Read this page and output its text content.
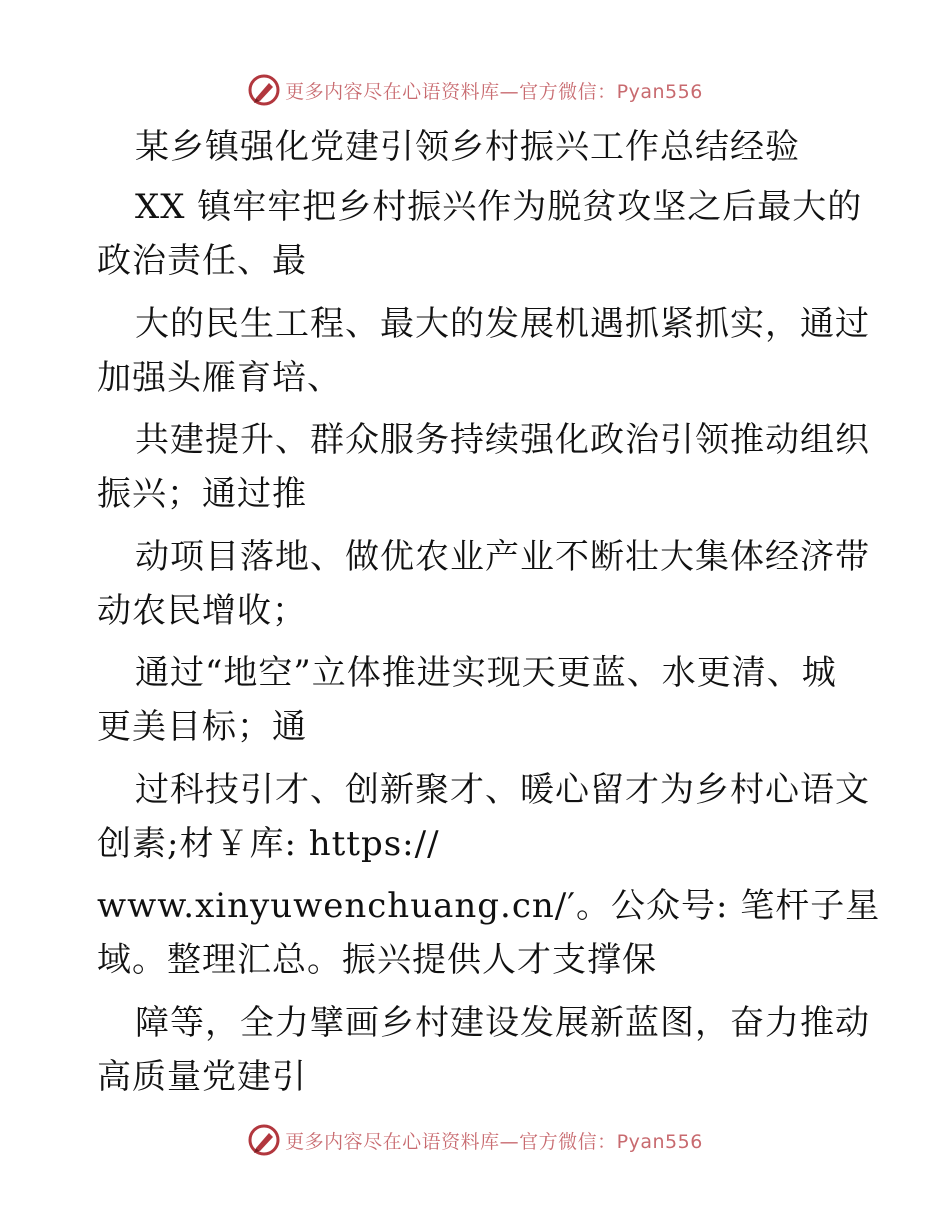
更多内容尽在心语资料库—官方微信：Pyan556
某乡镇强化党建引领乡村振兴工作总结经验
XX 镇牢牢把乡村振兴作为脱贫攻坚之后最大的
政治责任、最
大的民生工程、最大的发展机遇抓紧抓实，通过
加强头雁育培、
共建提升、群众服务持续强化政治引领推动组织
振兴；通过推
动项目落地、做优农业产业不断壮大集体经济带
动农民增收；
通过“地空”立体推进实现天更蓝、水更清、城
更美目标；通
过科技引才、创新聚才、暖心留才为乡村心语文
创素;材￥库: https://
www.xinyuwenchuang.cn/′。公众号: 笔杆子星
域。整理汇总。振兴提供人才支撑保
障等，全力擘画乡村建设发展新蓝图，奋力推动
高质量党建引
更多内容尽在心语资料库—官方微信：Pyan556
